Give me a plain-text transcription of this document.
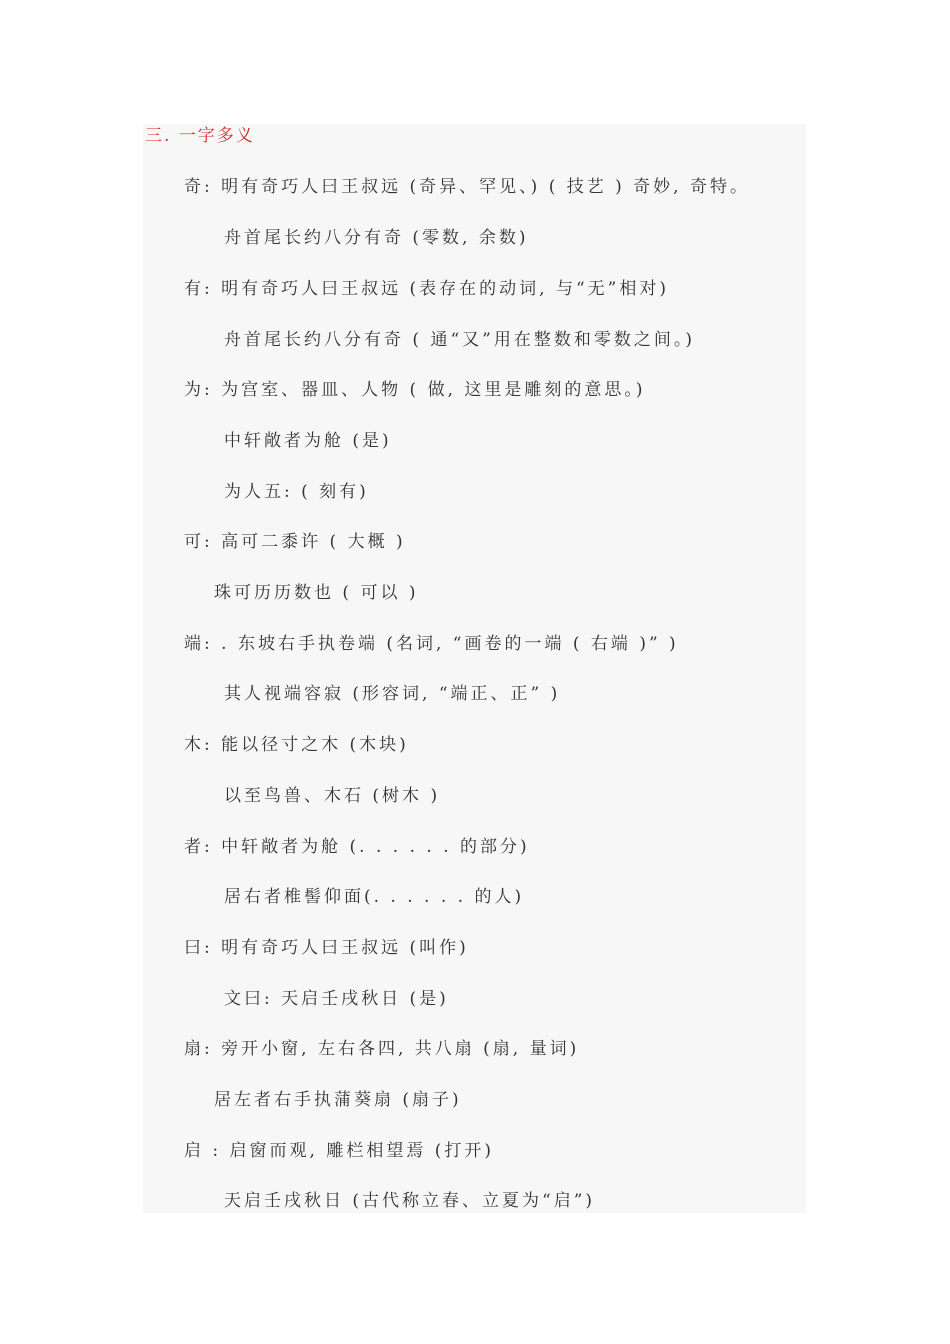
三. 一字多义
奇: 明有奇巧人曰王叔远 (奇异、罕见、) ( 技艺 ) 奇妙, 奇特。
舟首尾长约八分有奇 (零数, 余数)
有: 明有奇巧人曰王叔远 (表存在的动词, 与“无”相对)
舟首尾长约八分有奇 ( 通“又”用在整数和零数之间。)
为: 为宫室、器皿、人物 ( 做, 这里是雕刻的意思。)
中轩敞者为舱 (是)
为人五: ( 刻有)
可: 高可二黍许 ( 大概 )
珠可历历数也 ( 可以 )
端: . 东坡右手执卷端 (名词, “画卷的一端 ( 右端 )” )
其人视端容寂 (形容词, “端正、正” )
木: 能以径寸之木 (木块)
以至鸟兽、木石 (树木 )
者: 中轩敞者为舱 (. . . . . . 的部分)
居右者椎髻仰面(. . . . . . 的人)
曰: 明有奇巧人曰王叔远 (叫作)
文曰: 天启壬戌秋日 (是)
扇: 旁开小窗, 左右各四, 共八扇 (扇, 量词)
居左者右手执蒲葵扇 (扇子)
启 : 启窗而观, 雕栏相望焉 (打开)
天启壬戌秋日 (古代称立春、立夏为“启”)
